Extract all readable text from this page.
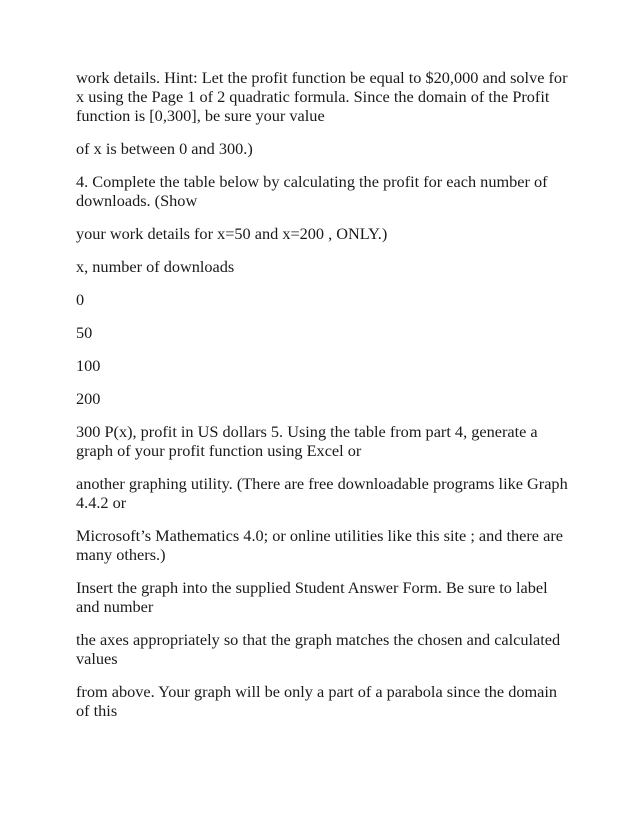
work details. Hint: Let the profit function be equal to $20,000 and solve for x using the Page 1 of 2 quadratic formula. Since the domain of the Profit function is [0,300], be sure your value

of x is between 0 and 300.)

4. Complete the table below by calculating the profit for each number of downloads. (Show

your work details for x=50 and x=200 , ONLY.)

x, number of downloads

0

50

100

200

300 P(x), profit in US dollars 5. Using the table from part 4, generate a graph of your profit function using Excel or

another graphing utility. (There are free downloadable programs like Graph 4.4.2 or

Microsoft’s Mathematics 4.0; or online utilities like this site ; and there are many others.)

Insert the graph into the supplied Student Answer Form. Be sure to label and number

the axes appropriately so that the graph matches the chosen and calculated values

from above. Your graph will be only a part of a parabola since the domain of this
